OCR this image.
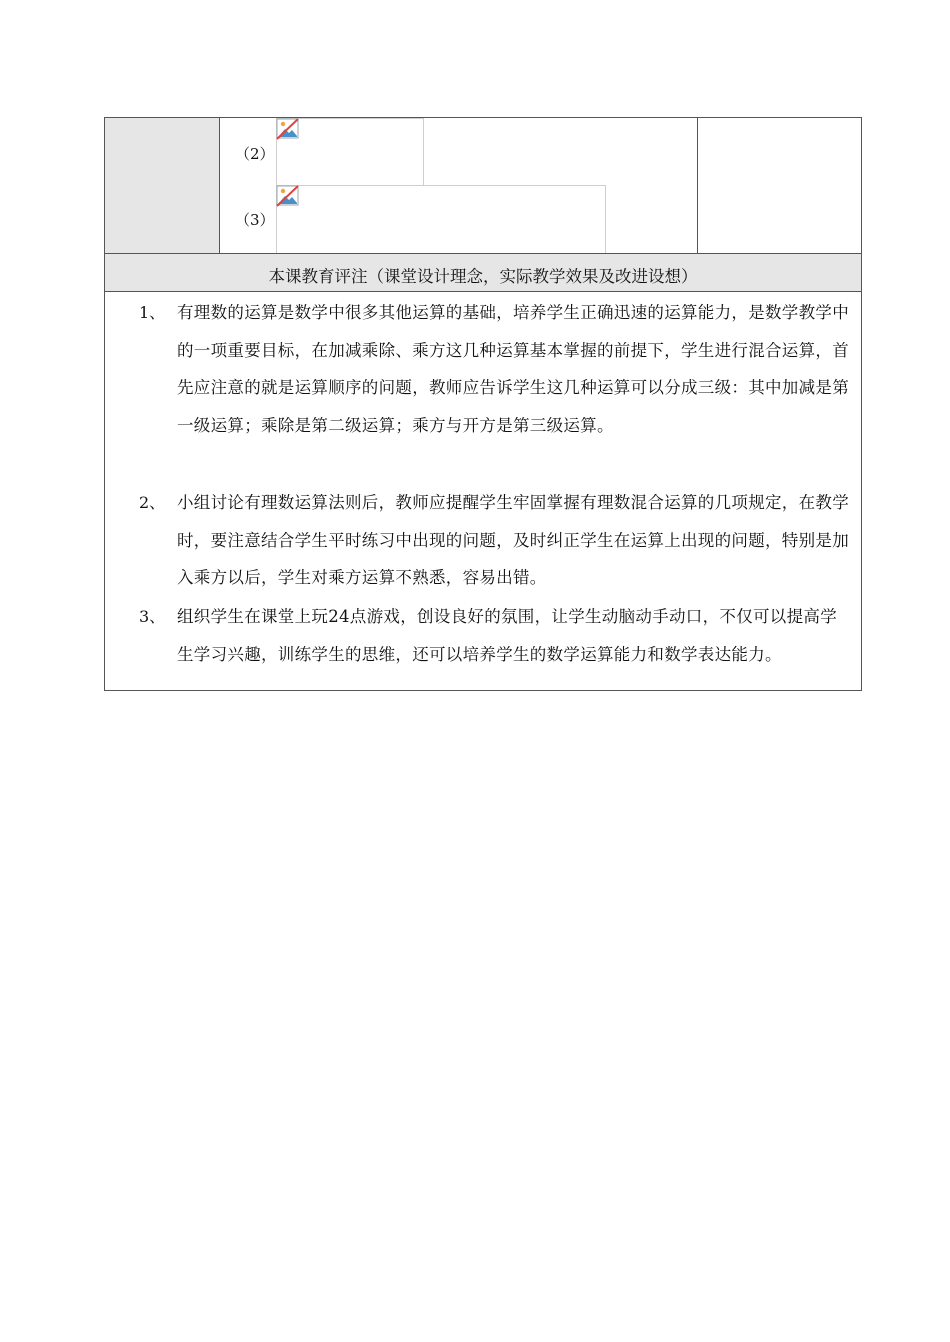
（2）
（3）
本课教育评注（课堂设计理念，实际教学效果及改进设想）
1、 有理数的运算是数学中很多其他运算的基础，培养学生正确迅速的运算能力，是数学教学中的一项重要目标，在加减乘除、乘方这几种运算基本掌握的前提下，学生进行混合运算，首先应注意的就是运算顺序的问题，教师应告诉学生这几种运算可以分成三级：其中加减是第一级运算；乘除是第二级运算；乘方与开方是第三级运算。
2、 小组讨论有理数运算法则后，教师应提醒学生牢固掌握有理数混合运算的几项规定，在教学时，要注意结合学生平时练习中出现的问题，及时纠正学生在运算上出现的问题，特别是加入乘方以后，学生对乘方运算不熟悉，容易出错。
3、 组织学生在课堂上玩24点游戏，创设良好的氛围，让学生动脑动手动口，不仅可以提高学生学习兴趣，训练学生的思维，还可以培养学生的数学运算能力和数学表达能力。
